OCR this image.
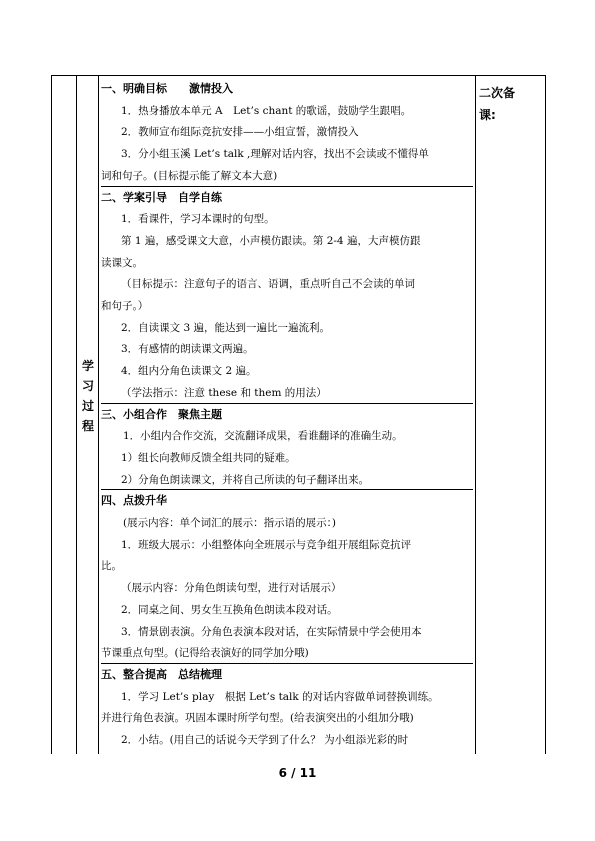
学
习
过
程
二次备课:
一、明确目标　　激情投入
1．热身播放本单元 A　Let’s chant 的歌谣，鼓励学生跟唱。
2．教师宣布组际竞抗安排——小组宣誓，激情投入
3．分小组玉溪 Let’s talk ,理解对话内容，找出不会读或不懂得单
词和句子。(目标提示能了解文本大意)
二、学案引导　自学自练
1．看课件，学习本课时的句型。
第 1 遍，感受课文大意，小声模仿跟读。第 2-4 遍，大声模仿跟
读课文。
（目标提示：注意句子的语言、语调，重点听自己不会读的单词
和句子。）
2．自读课文 3 遍，能达到一遍比一遍流利。
3．有感情的朗读课文两遍。
4．组内分角色读课文 2 遍。
（学法指示：注意 these 和 them 的用法）
三、小组合作　聚焦主题
1．小组内合作交流，交流翻译成果，看谁翻译的准确生动。
1）组长向教师反馈全组共同的疑难。
2）分角色朗读课文，并将自己所读的句子翻译出来。
四、点拨升华
(展示内容：单个词汇的展示：指示语的展示：)
1．班级大展示：小组整体向全班展示与竞争组开展组际竞抗评
比。
（展示内容：分角色朗读句型，进行对话展示）
2．同桌之间、男女生互换角色朗读本段对话。
3．情景剧表演。分角色表演本段对话，在实际情景中学会使用本
节课重点句型。(记得给表演好的同学加分哦)
五、整合提高　总结梳理
1．学习 Let’s play　根据 Let’s talk 的对话内容做单词替换训练。
并进行角色表演。巩固本课时所学句型。(给表演突出的小组加分哦)
2．小结。(用自己的话说今天学到了什么？ 为小组添光彩的时
6 / 11
